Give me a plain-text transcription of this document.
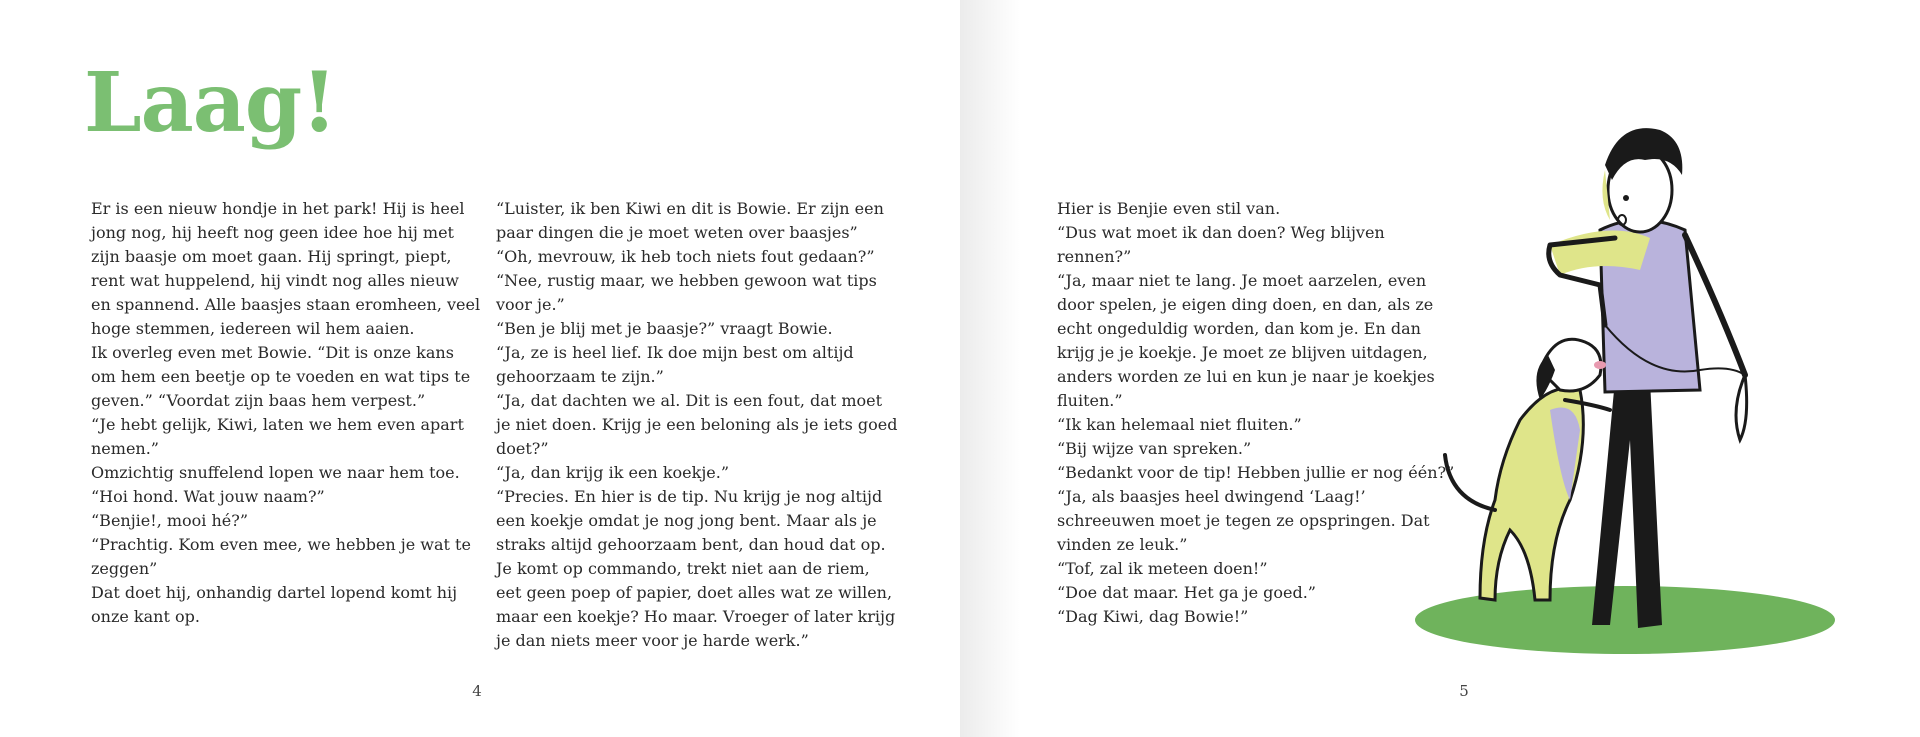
Laag!

Er is een nieuw hondje in het park! Hij is heel

jong nog, hij heeft nog geen idee hoe hij met

zijn baasje om moet gaan. Hij springt, piept,

rent wat huppelend, hij vindt nog alles nieuw

en spannend. Alle baasjes staan eromheen, veel

hoge stemmen, iedereen wil hem aaien.

Ik overleg even met Bowie. “Dit is onze kans

om hem een beetje op te voeden en wat tips te

geven.” “Voordat zijn baas hem verpest.”

“Je hebt gelijk, Kiwi, laten we hem even apart

nemen.”

Omzichtig snuffelend lopen we naar hem toe.

“Hoi hond. Wat jouw naam?”

“Benjie!, mooi hé?”

“Prachtig. Kom even mee, we hebben je wat te

zeggen”

Dat doet hij, onhandig dartel lopend komt hij

onze kant op.

“Luister, ik ben Kiwi en dit is Bowie. Er zijn een

paar dingen die je moet weten over baasjes”

“Oh, mevrouw, ik heb toch niets fout gedaan?”

“Nee, rustig maar, we hebben gewoon wat tips

voor je.”

“Ben je blij met je baasje?” vraagt Bowie.

“Ja, ze is heel lief. Ik doe mijn best om altijd

gehoorzaam te zijn.”

“Ja, dat dachten we al. Dit is een fout, dat moet

je niet doen. Krijg je een beloning als je iets goed

doet?”

“Ja, dan krijg ik een koekje.”

“Precies. En hier is de tip. Nu krijg je nog altijd

een koekje omdat je nog jong bent. Maar als je

straks altijd gehoorzaam bent, dan houd dat op.

Je komt op commando, trekt niet aan de riem,

eet geen poep of papier, doet alles wat ze willen,

maar een koekje? Ho maar. Vroeger of later krijg

je dan niets meer voor je harde werk.”

4

Hier is Benjie even stil van.

“Dus wat moet ik dan doen? Weg blijven

rennen?”

“Ja, maar niet te lang. Je moet aarzelen, even

door spelen, je eigen ding doen, en dan, als ze

echt ongeduldig worden, dan kom je. En dan

krijg je je koekje. Je moet ze blijven uitdagen,

anders worden ze lui en kun je naar je koekjes

fluiten.”

“Ik kan helemaal niet fluiten.”

“Bij wijze van spreken.”

“Bedankt voor de tip! Hebben jullie er nog één?”

“Ja, als baasjes heel dwingend ‘Laag!’

schreeuwen moet je tegen ze opspringen. Dat

vinden ze leuk.”

“Tof, zal ik meteen doen!”

“Doe dat maar. Het ga je goed.”

“Dag Kiwi, dag Bowie!”

5
